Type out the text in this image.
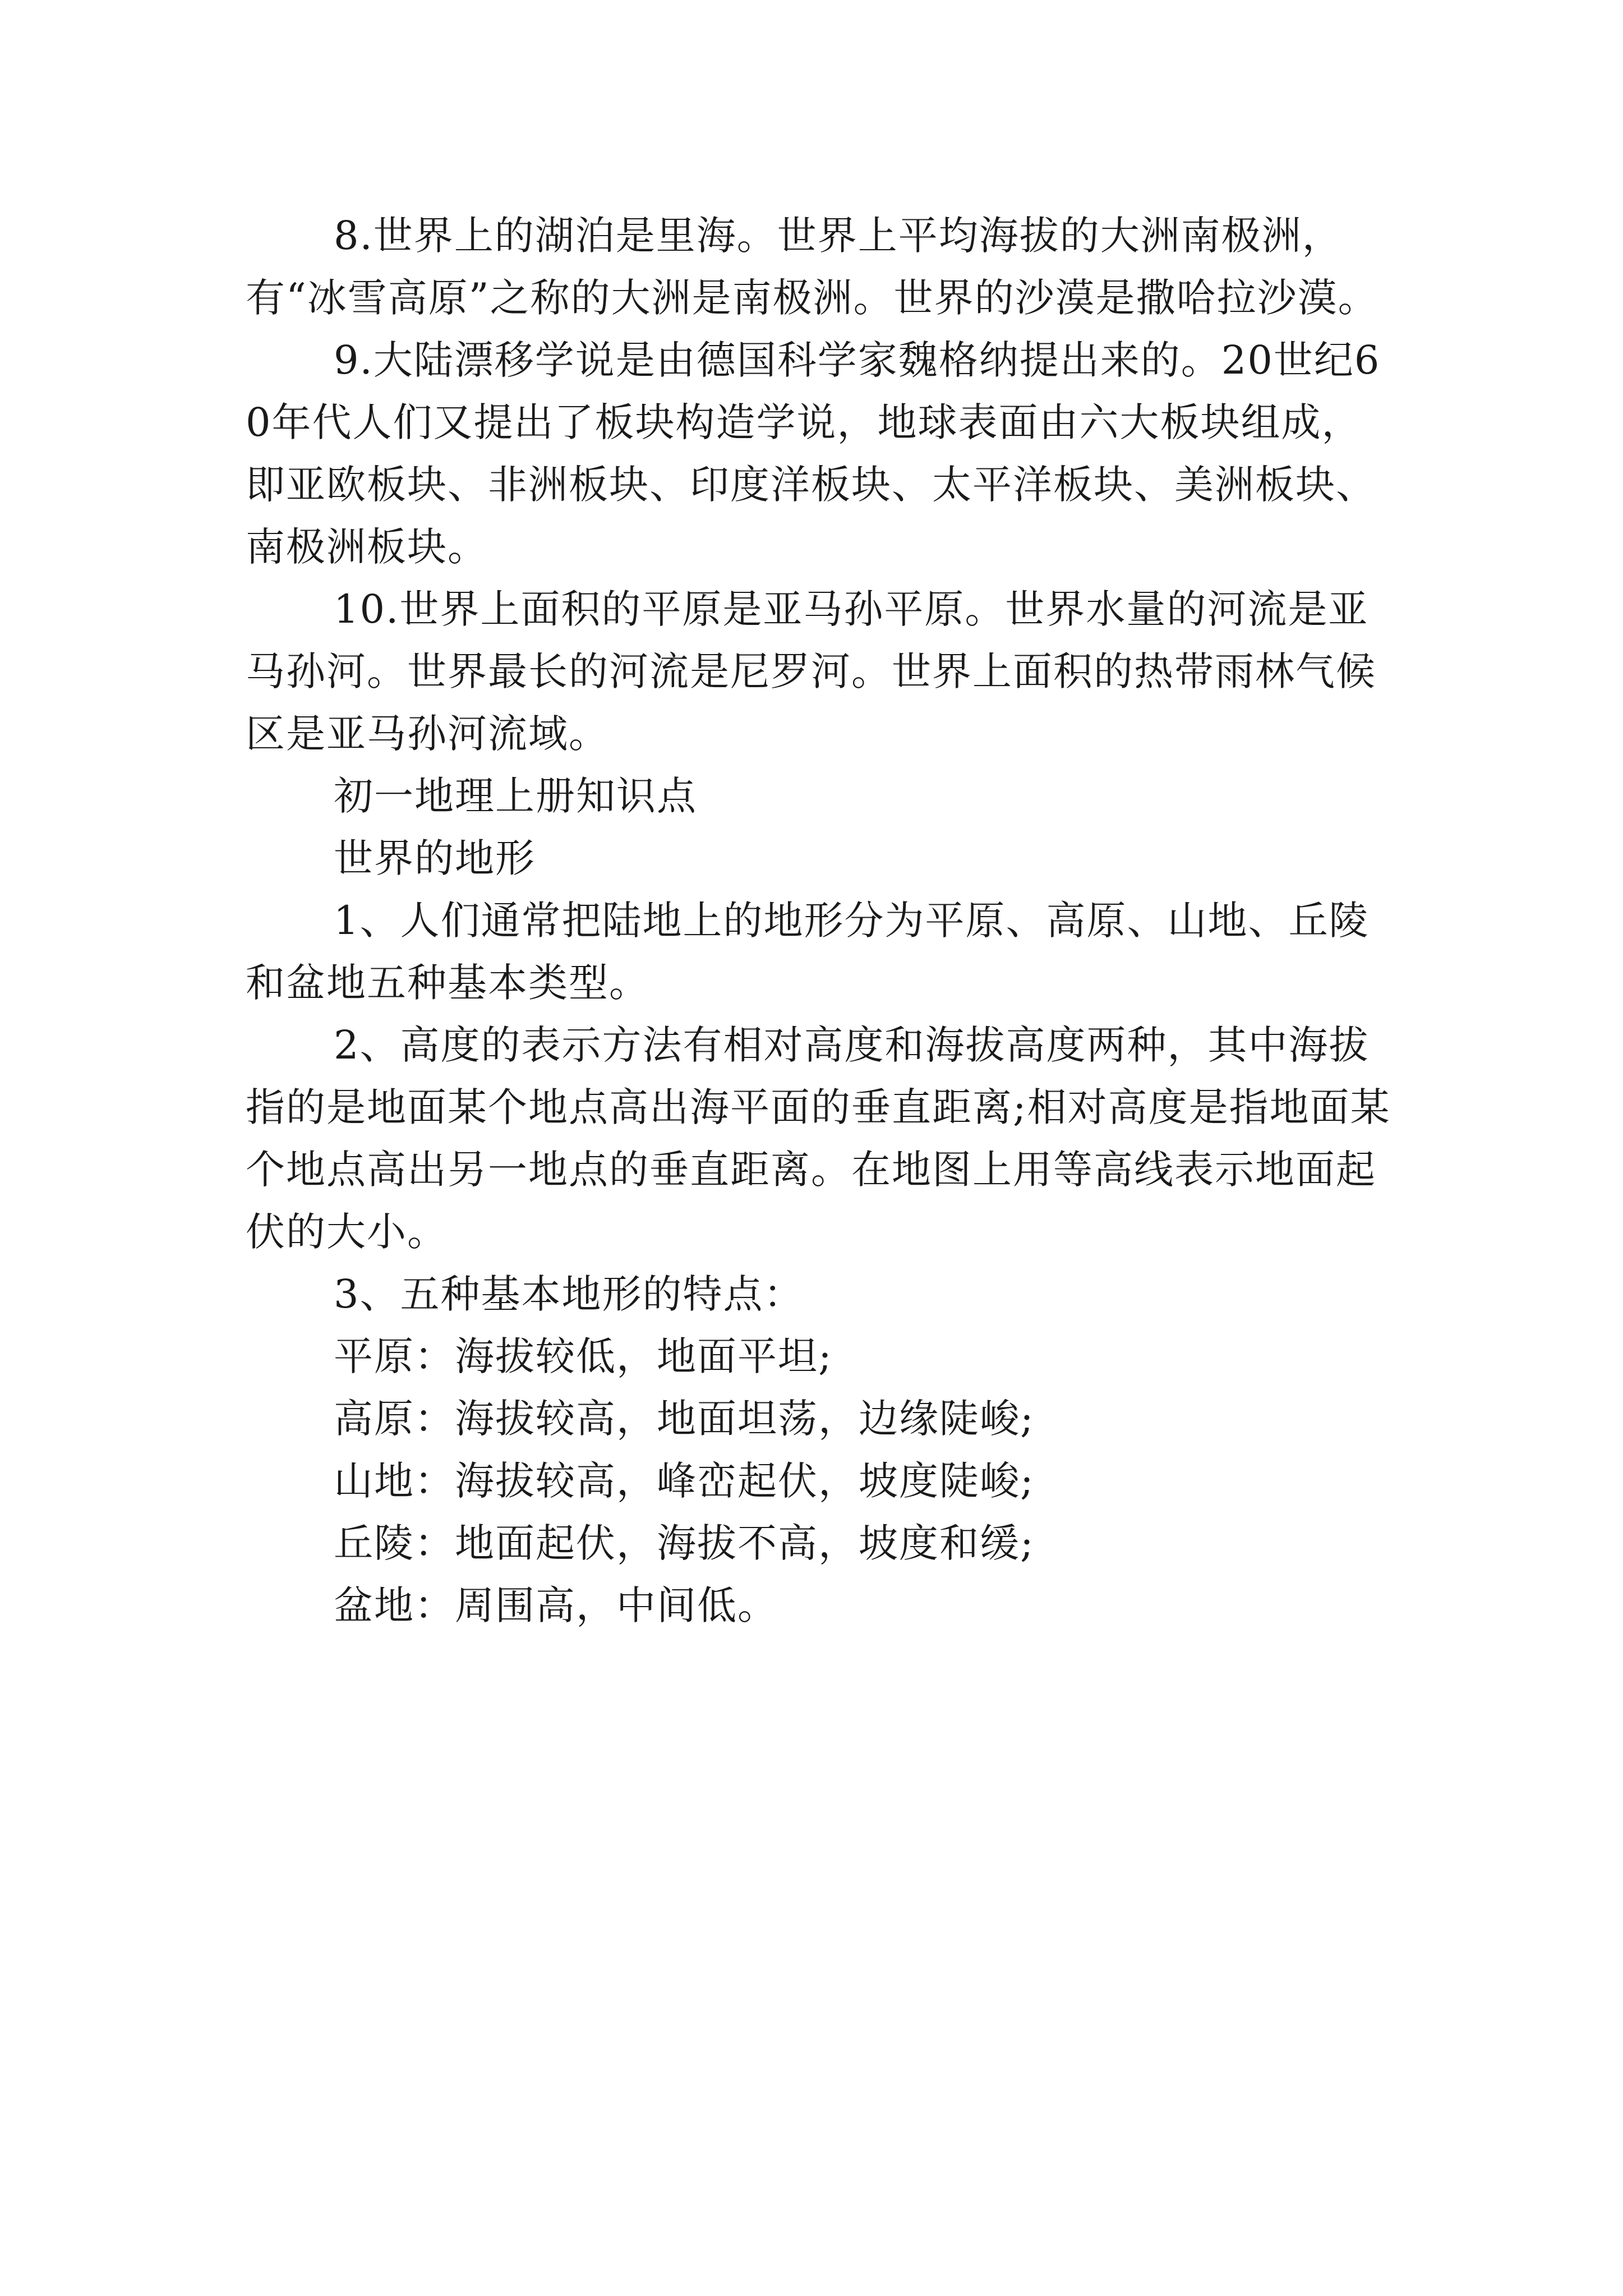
8.世界上的湖泊是里海。世界上平均海拔的大洲南极洲，有“冰雪高原”之称的大洲是南极洲。世界的沙漠是撒哈拉沙漠。

9.大陆漂移学说是由德国科学家魏格纳提出来的。20世纪60年代人们又提出了板块构造学说，地球表面由六大板块组成，即亚欧板块、非洲板块、印度洋板块、太平洋板块、美洲板块、南极洲板块。

10.世界上面积的平原是亚马孙平原。世界水量的河流是亚马孙河。世界最长的河流是尼罗河。世界上面积的热带雨林气候区是亚马孙河流域。

初一地理上册知识点

世界的地形

1、人们通常把陆地上的地形分为平原、高原、山地、丘陵和盆地五种基本类型。

2、高度的表示方法有相对高度和海拔高度两种，其中海拔指的是地面某个地点高出海平面的垂直距离;相对高度是指地面某个地点高出另一地点的垂直距离。在地图上用等高线表示地面起伏的大小。

3、五种基本地形的特点：

平原：海拔较低，地面平坦;

高原：海拔较高，地面坦荡，边缘陡峻;

山地：海拔较高，峰峦起伏，坡度陡峻;

丘陵：地面起伏，海拔不高，坡度和缓;

盆地：周围高，中间低。
